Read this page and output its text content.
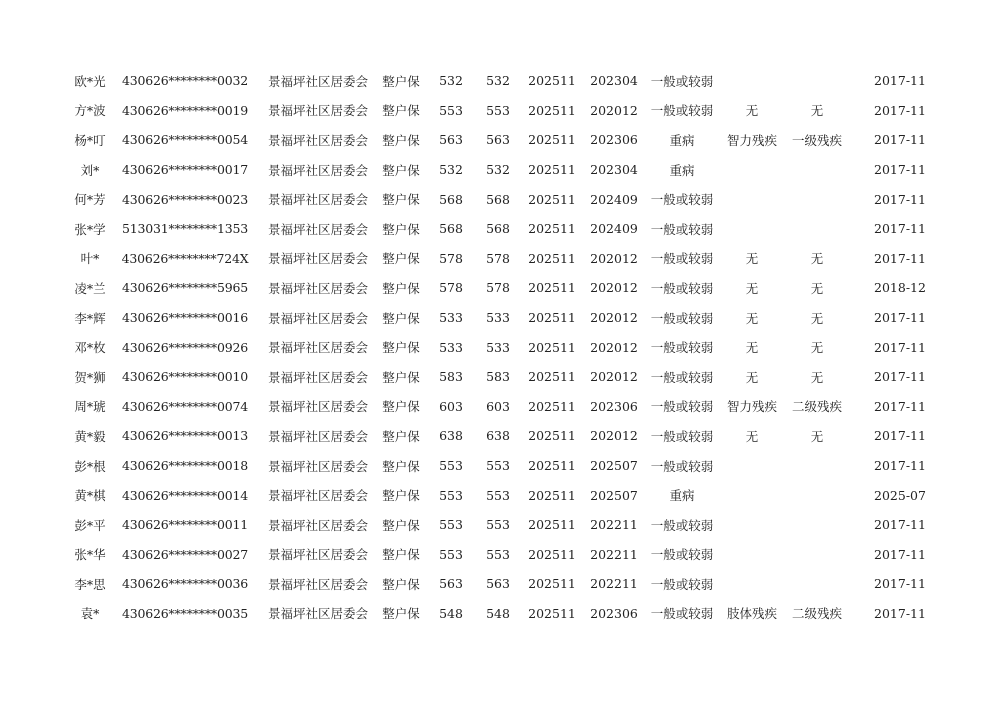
欧*光	430626********0032	景福坪社区居委会	整户保	532	532	202511	202304	一般或较弱				2017-11
方*波	430626********0019	景福坪社区居委会	整户保	553	553	202511	202012	一般或较弱	无	无		2017-11
杨*叮	430626********0054	景福坪社区居委会	整户保	563	563	202511	202306	重病	智力残疾	一级残疾		2017-11
刘*	430626********0017	景福坪社区居委会	整户保	532	532	202511	202304	重病				2017-11
何*芳	430626********0023	景福坪社区居委会	整户保	568	568	202511	202409	一般或较弱				2017-11
张*学	513031********1353	景福坪社区居委会	整户保	568	568	202511	202409	一般或较弱				2017-11
叶*	430626********724X	景福坪社区居委会	整户保	578	578	202511	202012	一般或较弱	无	无		2017-11
凌*兰	430626********5965	景福坪社区居委会	整户保	578	578	202511	202012	一般或较弱	无	无		2018-12
李*辉	430626********0016	景福坪社区居委会	整户保	533	533	202511	202012	一般或较弱	无	无		2017-11
邓*枚	430626********0926	景福坪社区居委会	整户保	533	533	202511	202012	一般或较弱	无	无		2017-11
贺*狮	430626********0010	景福坪社区居委会	整户保	583	583	202511	202012	一般或较弱	无	无		2017-11
周*琥	430626********0074	景福坪社区居委会	整户保	603	603	202511	202306	一般或较弱	智力残疾	二级残疾		2017-11
黄*毅	430626********0013	景福坪社区居委会	整户保	638	638	202511	202012	一般或较弱	无	无		2017-11
彭*根	430626********0018	景福坪社区居委会	整户保	553	553	202511	202507	一般或较弱				2017-11
黄*棋	430626********0014	景福坪社区居委会	整户保	553	553	202511	202507	重病				2025-07
彭*平	430626********0011	景福坪社区居委会	整户保	553	553	202511	202211	一般或较弱				2017-11
张*华	430626********0027	景福坪社区居委会	整户保	553	553	202511	202211	一般或较弱				2017-11
李*思	430626********0036	景福坪社区居委会	整户保	563	563	202511	202211	一般或较弱				2017-11
袁*	430626********0035	景福坪社区居委会	整户保	548	548	202511	202306	一般或较弱	肢体残疾	二级残疾		2017-11
